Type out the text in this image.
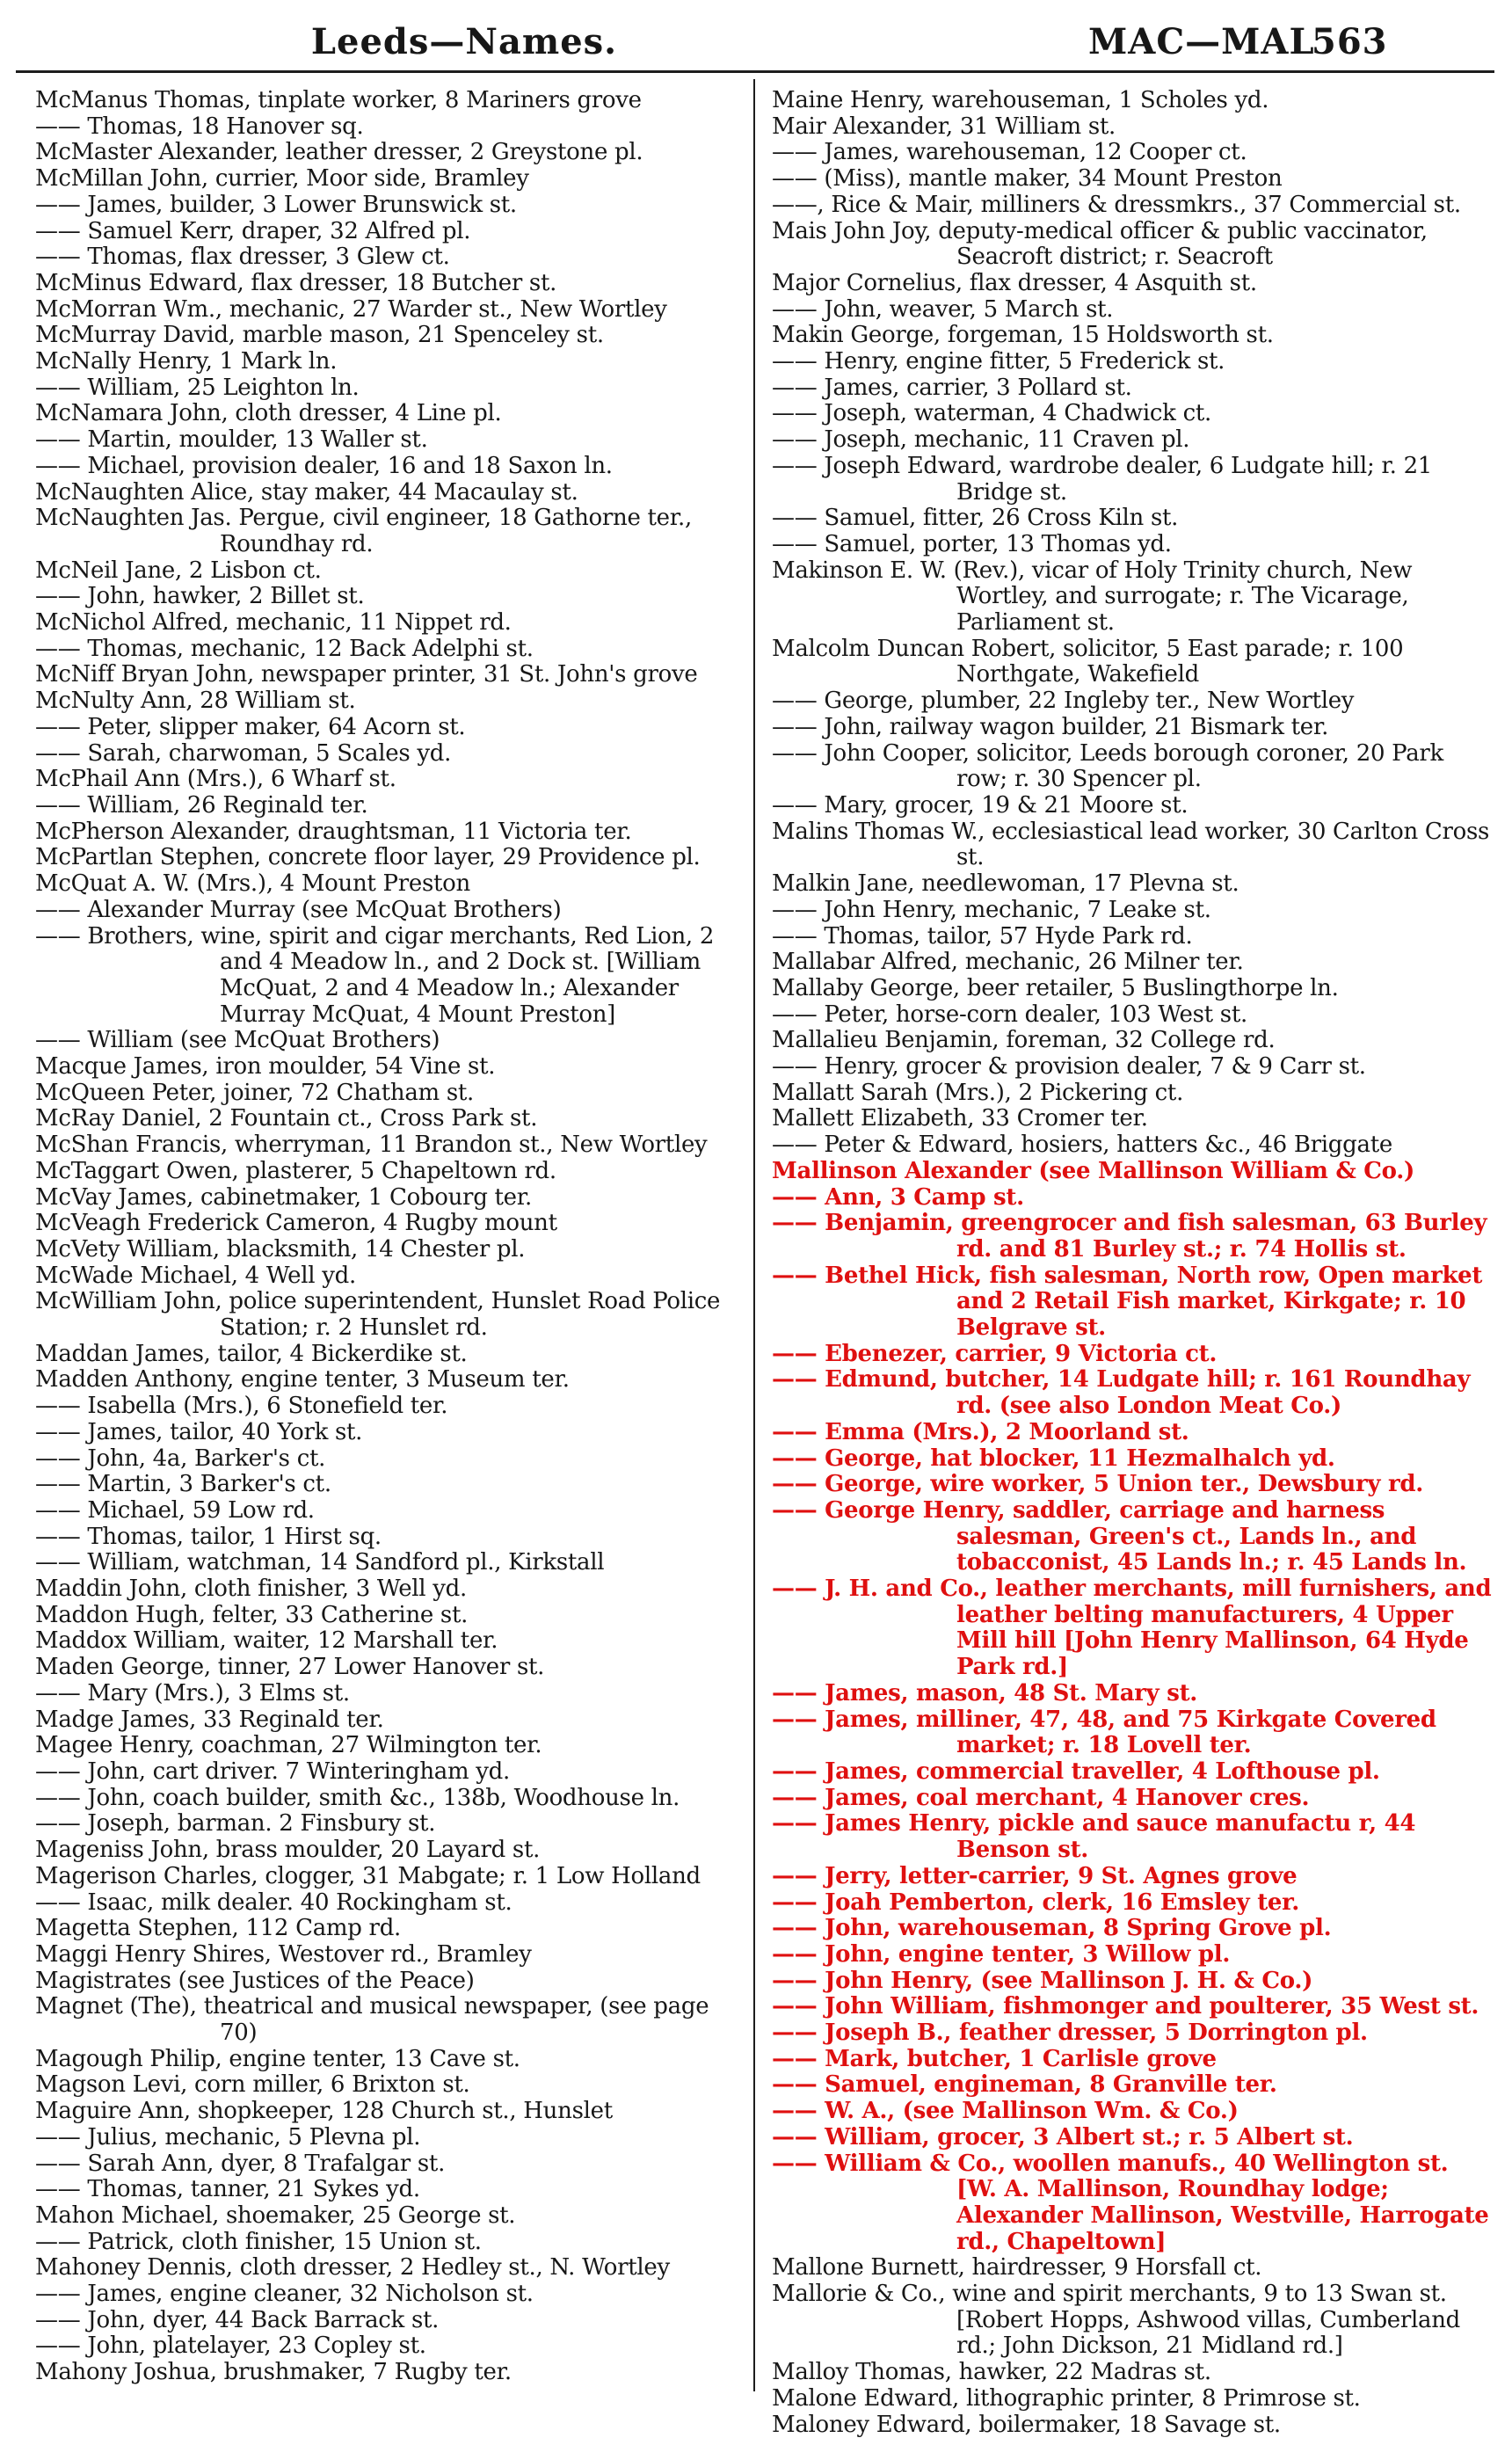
Leeds—Names.	MAC—MAL
563
McManus Thomas, tinplate worker, 8 Mariners grove
—— Thomas, 18 Hanover sq.
McMaster Alexander, leather dresser, 2 Greystone pl.
McMillan John, currier, Moor side, Bramley
—— James, builder, 3 Lower Brunswick st.
—— Samuel Kerr, draper, 32 Alfred pl.
—— Thomas, flax dresser, 3 Glew ct.
McMinus Edward, flax dresser, 18 Butcher st.
McMorran Wm., mechanic, 27 Warder st., New Wortley
McMurray David, marble mason, 21 Spenceley st.
McNally Henry, 1 Mark ln.
—— William, 25 Leighton ln.
McNamara John, cloth dresser, 4 Line pl.
—— Martin, moulder, 13 Waller st.
—— Michael, provision dealer, 16 and 18 Saxon ln.
McNaughten Alice, stay maker, 44 Macaulay st.
McNaughten Jas. Pergue, civil engineer, 18 Gathorne ter., Roundhay rd.
McNeil Jane, 2 Lisbon ct.
—— John, hawker, 2 Billet st.
McNichol Alfred, mechanic, 11 Nippet rd.
—— Thomas, mechanic, 12 Back Adelphi st.
McNiff Bryan John, newspaper printer, 31 St. John's grove
McNulty Ann, 28 William st.
—— Peter, slipper maker, 64 Acorn st.
—— Sarah, charwoman, 5 Scales yd.
McPhail Ann (Mrs.), 6 Wharf st.
—— William, 26 Reginald ter.
McPherson Alexander, draughtsman, 11 Victoria ter.
McPartlan Stephen, concrete floor layer, 29 Providence pl.
McQuat A. W. (Mrs.), 4 Mount Preston
—— Alexander Murray (see McQuat Brothers)
—— Brothers, wine, spirit and cigar merchants, Red Lion, 2 and 4 Meadow ln., and 2 Dock st. [William McQuat, 2 and 4 Meadow ln.; Alexander Murray McQuat, 4 Mount Preston]
—— William (see McQuat Brothers)
Macque James, iron moulder, 54 Vine st.
McQueen Peter, joiner, 72 Chatham st.
McRay Daniel, 2 Fountain ct., Cross Park st.
McShan Francis, wherryman, 11 Brandon st., New Wortley
McTaggart Owen, plasterer, 5 Chapeltown rd.
McVay James, cabinetmaker, 1 Cobourg ter.
McVeagh Frederick Cameron, 4 Rugby mount
McVety William, blacksmith, 14 Chester pl.
McWade Michael, 4 Well yd.
McWilliam John, police superintendent, Hunslet Road Police Station; r. 2 Hunslet rd.
Maddan James, tailor, 4 Bickerdike st.
Madden Anthony, engine tenter, 3 Museum ter.
—— Isabella (Mrs.), 6 Stonefield ter.
—— James, tailor, 40 York st.
—— John, 4a, Barker's ct.
—— Martin, 3 Barker's ct.
—— Michael, 59 Low rd.
—— Thomas, tailor, 1 Hirst sq.
—— William, watchman, 14 Sandford pl., Kirkstall
Maddin John, cloth finisher, 3 Well yd.
Maddon Hugh, felter, 33 Catherine st.
Maddox William, waiter, 12 Marshall ter.
Maden George, tinner, 27 Lower Hanover st.
—— Mary (Mrs.), 3 Elms st.
Madge James, 33 Reginald ter.
Magee Henry, coachman, 27 Wilmington ter.
—— John, cart driver. 7 Winteringham yd.
—— John, coach builder, smith &c., 138b, Woodhouse ln.
—— Joseph, barman. 2 Finsbury st.
Mageniss John, brass moulder, 20 Layard st.
Magerison Charles, clogger, 31 Mabgate; r. 1 Low Holland
—— Isaac, milk dealer. 40 Rockingham st.
Magetta Stephen, 112 Camp rd.
Maggi Henry Shires, Westover rd., Bramley
Magistrates (see Justices of the Peace)
Magnet (The), theatrical and musical newspaper, (see page 70)
Magough Philip, engine tenter, 13 Cave st.
Magson Levi, corn miller, 6 Brixton st.
Maguire Ann, shopkeeper, 128 Church st., Hunslet
—— Julius, mechanic, 5 Plevna pl.
—— Sarah Ann, dyer, 8 Trafalgar st.
—— Thomas, tanner, 21 Sykes yd.
Mahon Michael, shoemaker, 25 George st.
—— Patrick, cloth finisher, 15 Union st.
Mahoney Dennis, cloth dresser, 2 Hedley st., N. Wortley
—— James, engine cleaner, 32 Nicholson st.
—— John, dyer, 44 Back Barrack st.
—— John, platelayer, 23 Copley st.
Mahony Joshua, brushmaker, 7 Rugby ter.
Maine Henry, warehouseman, 1 Scholes yd.
Mair Alexander, 31 William st.
—— James, warehouseman, 12 Cooper ct.
—— (Miss), mantle maker, 34 Mount Preston
——, Rice & Mair, milliners & dressmkrs., 37 Commercial st.
Mais John Joy, deputy-medical officer & public vaccinator, Seacroft district; r. Seacroft
Major Cornelius, flax dresser, 4 Asquith st.
—— John, weaver, 5 March st.
Makin George, forgeman, 15 Holdsworth st.
—— Henry, engine fitter, 5 Frederick st.
—— James, carrier, 3 Pollard st.
—— Joseph, waterman, 4 Chadwick ct.
—— Joseph, mechanic, 11 Craven pl.
—— Joseph Edward, wardrobe dealer, 6 Ludgate hill; r. 21 Bridge st.
—— Samuel, fitter, 26 Cross Kiln st.
—— Samuel, porter, 13 Thomas yd.
Makinson E. W. (Rev.), vicar of Holy Trinity church, New Wortley, and surrogate; r. The Vicarage, Parliament st.
Malcolm Duncan Robert, solicitor, 5 East parade; r. 100 Northgate, Wakefield
—— George, plumber, 22 Ingleby ter., New Wortley
—— John, railway wagon builder, 21 Bismark ter.
—— John Cooper, solicitor, Leeds borough coroner, 20 Park row; r. 30 Spencer pl.
—— Mary, grocer, 19 & 21 Moore st.
Malins Thomas W., ecclesiastical lead worker, 30 Carlton Cross st.
Malkin Jane, needlewoman, 17 Plevna st.
—— John Henry, mechanic, 7 Leake st.
—— Thomas, tailor, 57 Hyde Park rd.
Mallabar Alfred, mechanic, 26 Milner ter.
Mallaby George, beer retailer, 5 Buslingthorpe ln.
—— Peter, horse-corn dealer, 103 West st.
Mallalieu Benjamin, foreman, 32 College rd.
—— Henry, grocer & provision dealer, 7 & 9 Carr st.
Mallatt Sarah (Mrs.), 2 Pickering ct.
Mallett Elizabeth, 33 Cromer ter.
—— Peter & Edward, hosiers, hatters &c., 46 Briggate
Mallinson Alexander (see Mallinson William & Co.)
—— Ann, 3 Camp st.
—— Benjamin, greengrocer and fish salesman, 63 Burley rd. and 81 Burley st.; r. 74 Hollis st.
—— Bethel Hick, fish salesman, North row, Open market and 2 Retail Fish market, Kirkgate; r. 10 Belgrave st.
—— Ebenezer, carrier, 9 Victoria ct.
—— Edmund, butcher, 14 Ludgate hill; r. 161 Roundhay rd. (see also London Meat Co.)
—— Emma (Mrs.), 2 Moorland st.
—— George, hat blocker, 11 Hezmalhalch yd.
—— George, wire worker, 5 Union ter., Dewsbury rd.
—— George Henry, saddler, carriage and harness salesman, Green's ct., Lands ln., and tobacconist, 45 Lands ln.; r. 45 Lands ln.
—— J. H. and Co., leather merchants, mill furnishers, and leather belting manufacturers, 4 Upper Mill hill [John Henry Mallinson, 64 Hyde Park rd.]
—— James, mason, 48 St. Mary st.
—— James, milliner, 47, 48, and 75 Kirkgate Covered market; r. 18 Lovell ter.
—— James, commercial traveller, 4 Lofthouse pl.
—— James, coal merchant, 4 Hanover cres.
—— James Henry, pickle and sauce manufactu r, 44 Benson st.
—— Jerry, letter-carrier, 9 St. Agnes grove
—— Joah Pemberton, clerk, 16 Emsley ter.
—— John, warehouseman, 8 Spring Grove pl.
—— John, engine tenter, 3 Willow pl.
—— John Henry, (see Mallinson J. H. & Co.)
—— John William, fishmonger and poulterer, 35 West st.
—— Joseph B., feather dresser, 5 Dorrington pl.
—— Mark, butcher, 1 Carlisle grove
—— Samuel, engineman, 8 Granville ter.
—— W. A., (see Mallinson Wm. & Co.)
—— William, grocer, 3 Albert st.; r. 5 Albert st.
—— William & Co., woollen manufs., 40 Wellington st. [W. A. Mallinson, Roundhay lodge; Alexander Mallinson, Westville, Harrogate rd., Chapeltown]
Mallone Burnett, hairdresser, 9 Horsfall ct.
Mallorie & Co., wine and spirit merchants, 9 to 13 Swan st. [Robert Hopps, Ashwood villas, Cumberland rd.; John Dickson, 21 Midland rd.]
Malloy Thomas, hawker, 22 Madras st.
Malone Edward, lithographic printer, 8 Primrose st.
Maloney Edward, boilermaker, 18 Savage st.
